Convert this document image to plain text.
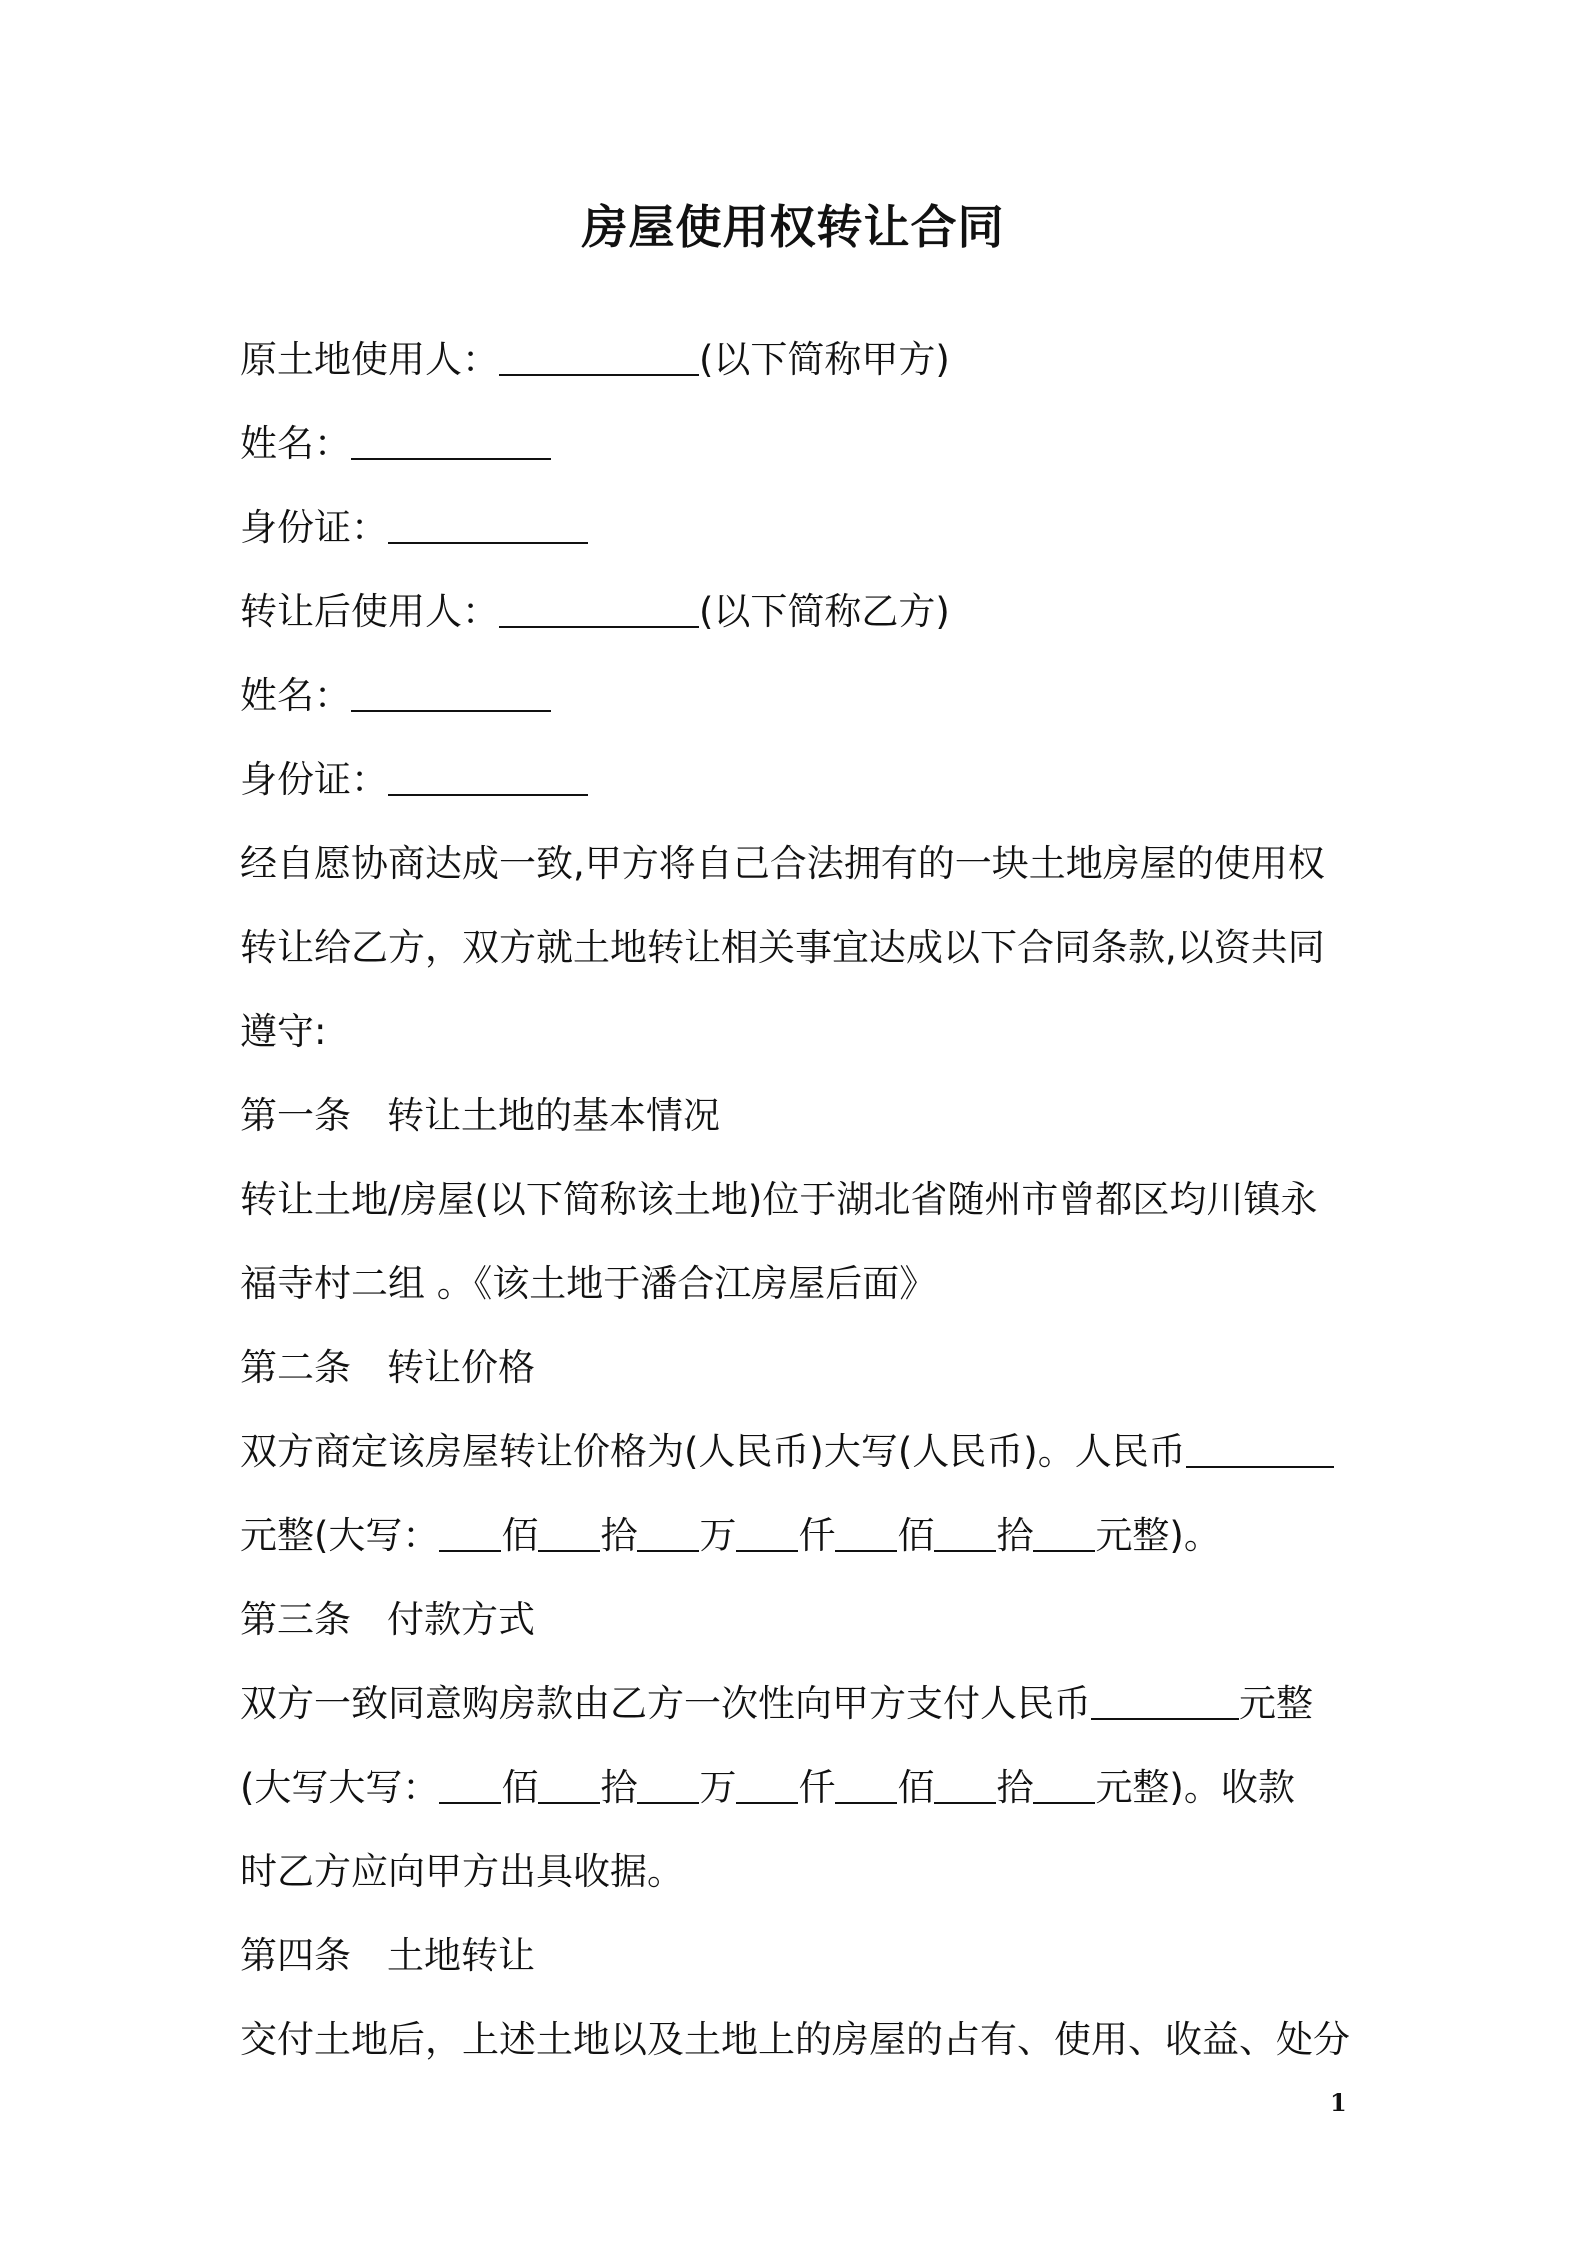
房屋使用权转让合同
原土地使用人：	(以下简称甲方)
姓名：
身份证：
转让后使用人：	(以下简称乙方)
姓名：
身份证：
经自愿协商达成一致,甲方将自己合法拥有的一块土地房屋的使用权
转让给乙方，双方就土地转让相关事宜达成以下合同条款,以资共同
遵守:
第一条 转让土地的基本情况
转让土地/房屋(以下简称该土地)位于湖北省随州市曾都区均川镇永
福寺村二组 。《该土地于潘合江房屋后面》
第二条 转让价格
双方商定该房屋转让价格为(人民币)大写(人民币)。人民币
元整(大写： 佰 拾 万 仟 佰 拾 元整)。
第三条 付款方式
双方一致同意购房款由乙方一次性向甲方支付人民币	元整
(大写大写： 佰 拾 万 仟 佰 拾 元整)。收款
时乙方应向甲方出具收据。
第四条 土地转让
交付土地后，上述土地以及土地上的房屋的占有、使用、收益、处分
1
